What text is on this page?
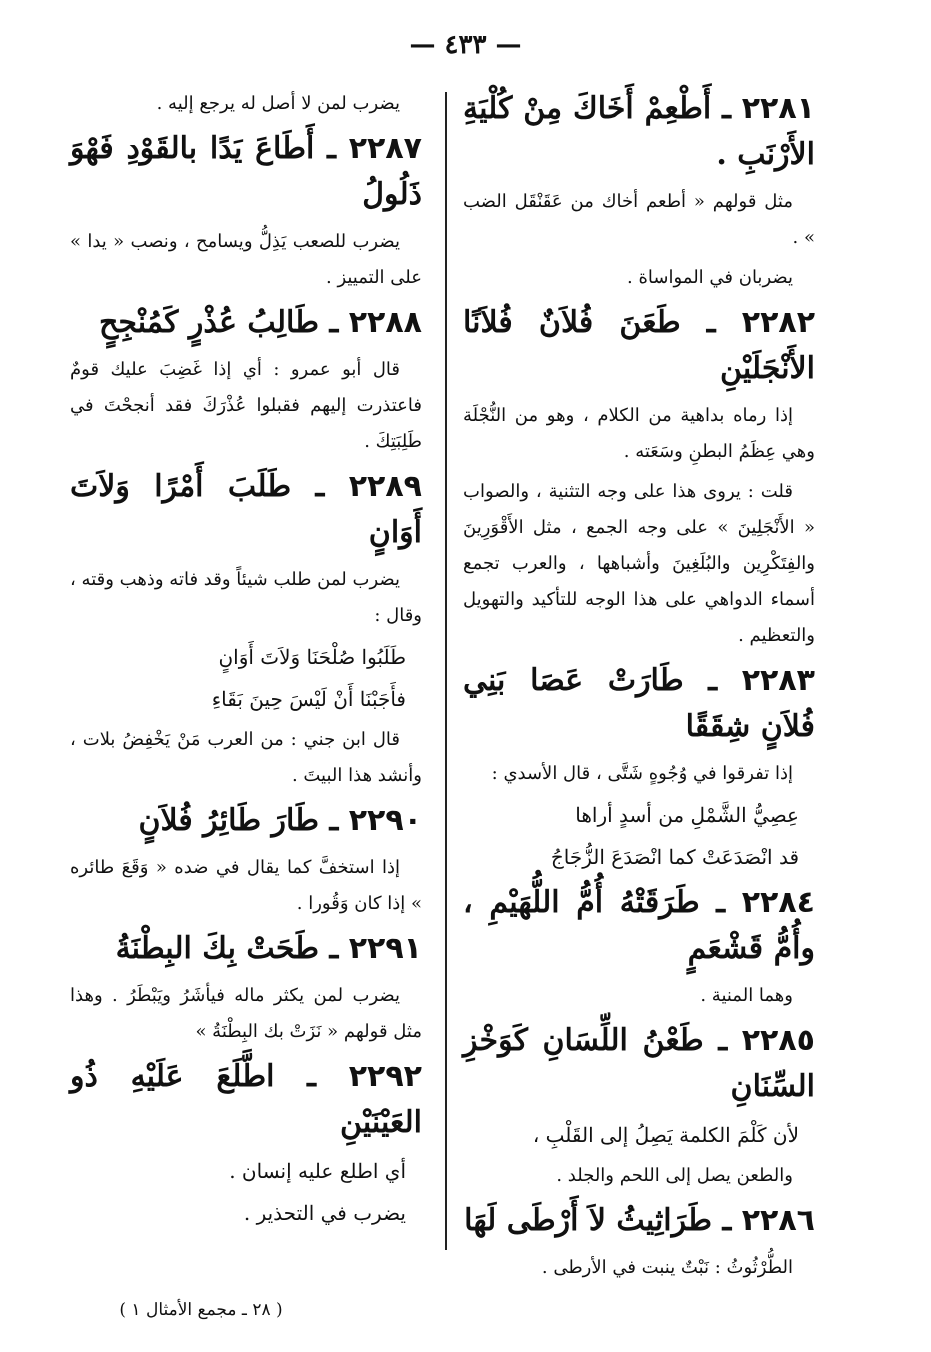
— ٤٣٣ —
٢٢٨١ ـ أَطْعِمْ أَخَاكَ مِنْ كُلْيَةِ الأَرْنَبِ .
مثل قولهم « أطعم أخاك من عَقَنْقَل الضب » .
يضربان في المواساة .
٢٢٨٢ ـ طَعَنَ فُلاَنٌ فُلاَنًا الأَنْجَلَيْنِ
إذا رماه بداهية من الكلام ، وهو من النُّجْلَة وهي عِظَمُ البطنِ وسَعَته .
قلت : يروى هذا على وجه التثنية ، والصواب « الأَنْجَلِينَ » على وجه الجمع ، مثل الأَقْوَرِينَ والفِتَكْرِين والبُلَغِينَ وأشباهها ، والعرب تجمع أسماء الدواهي على هذا الوجه للتأكيد والتهويل والتعظيم .
٢٢٨٣ ـ طَارَتْ عَصَا بَنِي فُلاَنٍ شِقَقًا
إذا تفرقوا في وُجُوهٍ شَتَّى ، قال الأسدي :
عِصِيُّ الشَّمْلِ من أسدٍ أراها
قد انْصَدَعَتْ كما انْصَدَعَ الزُّجَاجُ
٢٢٨٤ ـ طَرَقَتْهُ أُمُّ اللُّهَيْمِ ، وأُمُّ قَشْعَمٍ
وهما المنية .
٢٢٨٥ ـ طَعْنُ اللِّسَانِ كَوَخْزِ السِّنَانِ
لأن كَلْمَ الكلمة يَصِلُ إلى القَلْبِ ،
والطعن يصل إلى اللحم والجلد .
٢٢٨٦ ـ طَرَاثِيثُ لاَ أَرْطَى لَهَا
الطُّرْثُوثُ : نَبْتٌ ينبت في الأرطى .
يضرب لمن لا أصل له يرجع إليه .
٢٢٨٧ ـ أَطَاعَ يَدًا بالقَوْدِ فَهْوَ ذَلُولُ
يضرب للصعب يَذِلُّ ويسامح ، ونصب « يدا » على التمييز .
٢٢٨٨ ـ طَالِبُ عُذْرٍ كَمُنْجِحٍ
قال أبو عمرو : أي إذا غَضِبَ عليك قومٌ فاعتذرت إليهم فقبلوا عُذْرَكَ فقد أنجحْتَ في طَلِبَتِكَ .
٢٢٨٩ ـ طَلَبَ أَمْرًا وَلاَتَ أَوَانٍ
يضرب لمن طلب شيئاً وقد فاته وذهب وقته ، وقال :
طَلَبُوا صُلْحَنَا وَلاَتَ أَوَانٍ
فأَجَبْنَا أَنْ لَيْسَ حِينَ بَقَاءِ
قال ابن جني : من العرب مَنْ يَخْفِضُ بلات ، وأنشد هذا البيتَ .
٢٢٩٠ ـ طَارَ طَائِرُ فُلاَنٍ
إذا استخفَّ كما يقال في ضده « وَقَعَ طائره » إذا كان وَقُورا .
٢٢٩١ ـ طَحَتْ بِكَ البِطْنَةُ
يضرب لمن يكثر ماله فيأشَرُ ويَبْطَرُ . وهذا مثل قولهم « نَزَتْ بك البِطْنَةُ »
٢٢٩٢ ـ اطَّلَعَ عَلَيْهِ ذُو العَيْنَيْنِ
أي اطلع عليه إنسان .
يضرب في التحذير .
( ٢٨ ـ مجمع الأمثال ١ )
